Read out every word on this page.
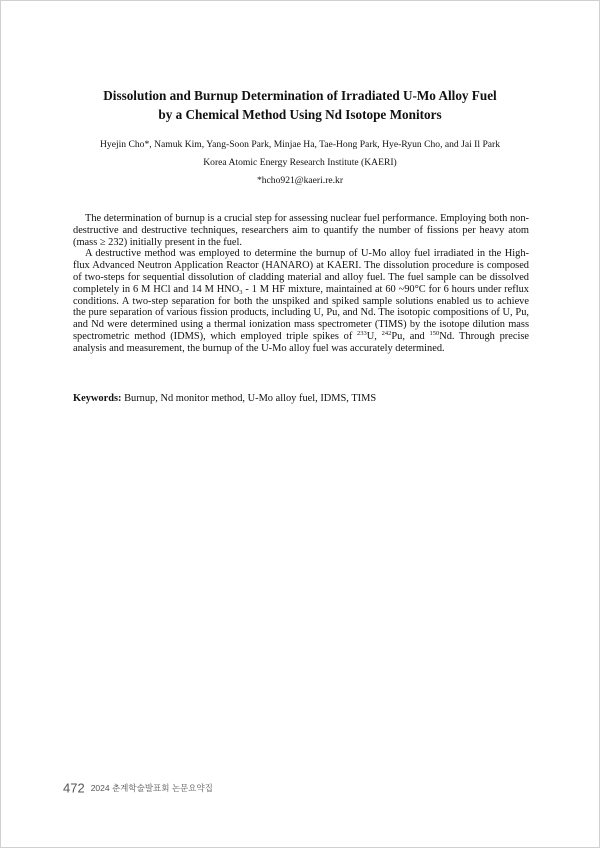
Dissolution and Burnup Determination of Irradiated U-Mo Alloy Fuel
by a Chemical Method Using Nd Isotope Monitors
Hyejin Cho*, Namuk Kim, Yang-Soon Park, Minjae Ha, Tae-Hong Park, Hye-Ryun Cho, and Jai Il Park
Korea Atomic Energy Research Institute (KAERI)
*hcho921@kaeri.re.kr

The determination of burnup is a crucial step for assessing nuclear fuel performance. Employing both non-destructive and destructive techniques, researchers aim to quantify the number of fissions per heavy atom (mass ≥ 232) initially present in the fuel.

A destructive method was employed to determine the burnup of U-Mo alloy fuel irradiated in the High-flux Advanced Neutron Application Reactor (HANARO) at KAERI. The dissolution procedure is composed of two-steps for sequential dissolution of cladding material and alloy fuel. The fuel sample can be dissolved completely in 6 M HCl and 14 M $HNO_3 - 1$ M HF mixture, maintained at 60 ~90°C for 6 hours under reflux conditions. A two-step separation for both the unspiked and spiked sample solutions enabled us to achieve the pure separation of various fission products, including U, Pu, and Nd. The isotopic compositions of U, Pu, and Nd were determined using a thermal ionization mass spectrometer (TIMS) by the isotope dilution mass spectrometric method (IDMS), which employed triple spikes of $^{233}$U, $^{242}$Pu, and $^{150}$Nd. Through precise analysis and measurement, the burnup of the U-Mo alloy fuel was accurately determined.

Keywords: Burnup, Nd monitor method, U-Mo alloy fuel, IDMS, TIMS
472 2024 춘계학술발표회 논문요약집
